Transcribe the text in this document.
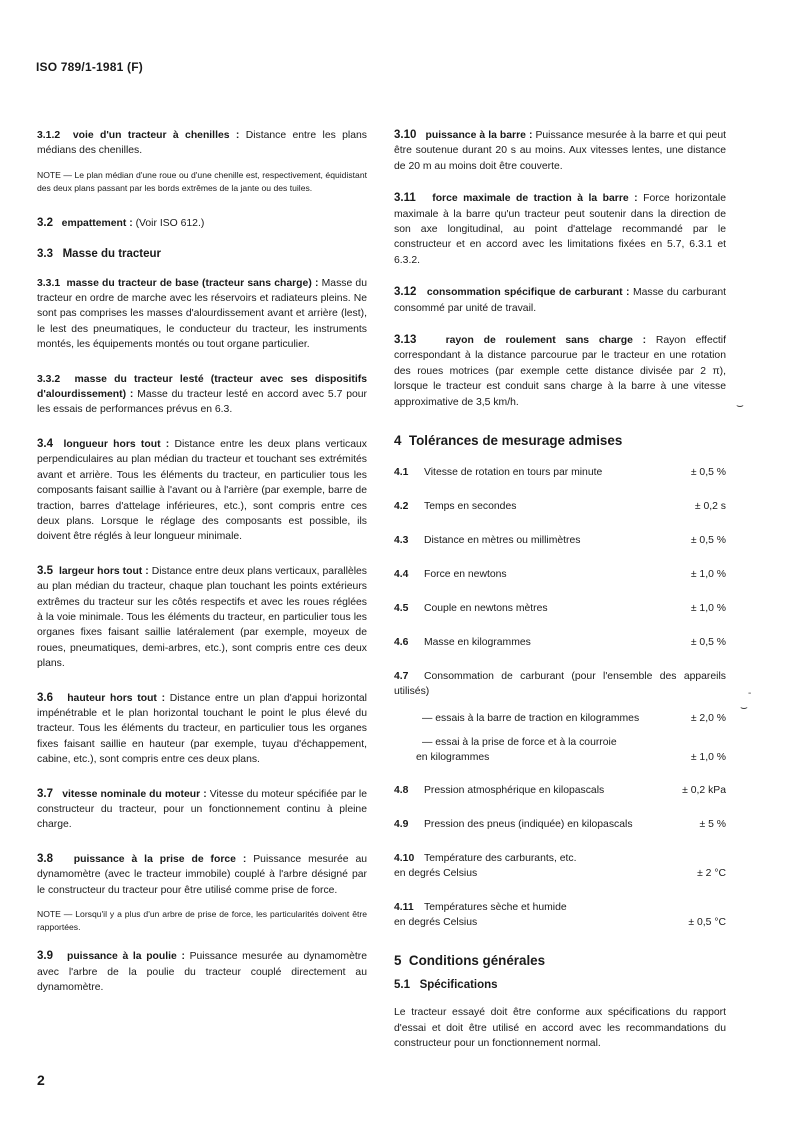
ISO 789/1-1981 (F)

3.1.2 voie d'un tracteur à chenilles : Distance entre les plans médians des chenilles.

NOTE — Le plan médian d'une roue ou d'une chenille est, respectivement, équidistant des deux plans passant par les bords extrêmes de la jante ou des tuiles.

3.2 empattement : (Voir ISO 612.)

3.3 Masse du tracteur

3.3.1 masse du tracteur de base (tracteur sans charge) : Masse du tracteur en ordre de marche avec les réservoirs et radiateurs pleins. Ne sont pas comprises les masses d'alourdissement avant et arrière (lest), le lest des pneumatiques, le conducteur du tracteur, les instruments montés, les équipements montés ou tout organe particulier.

3.3.2 masse du tracteur lesté (tracteur avec ses dispositifs d'alourdissement) : Masse du tracteur lesté en accord avec 5.7 pour les essais de performances prévus en 6.3.

3.4 longueur hors tout : Distance entre les deux plans verticaux perpendiculaires au plan médian du tracteur et touchant ses extrémités avant et arrière. Tous les éléments du tracteur, en particulier tous les composants faisant saillie à l'avant ou à l'arrière (par exemple, barre de traction, barres d'attelage inférieures, etc.), sont compris entre ces deux plans. Lorsque le réglage des composants est possible, ils doivent être réglés à leur longueur minimale.

3.5 largeur hors tout : Distance entre deux plans verticaux, parallèles au plan médian du tracteur, chaque plan touchant les points extérieurs extrêmes du tracteur sur les côtés respectifs et avec les roues réglées à la voie minimale. Tous les éléments du tracteur, en particulier tous les organes fixes faisant saillie latéralement (par exemple, moyeux de roues, pneumatiques, demi-arbres, etc.), sont compris entre ces deux plans.

3.6 hauteur hors tout : Distance entre un plan d'appui horizontal impénétrable et le plan horizontal touchant le point le plus élevé du tracteur. Tous les éléments du tracteur, en particulier tous les organes fixes faisant saillie en hauteur (par exemple, tuyau d'échappement, cabine, etc.), sont compris entre ces deux plans.

3.7 vitesse nominale du moteur : Vitesse du moteur spécifiée par le constructeur du tracteur, pour un fonctionnement continu à pleine charge.

3.8 puissance à la prise de force : Puissance mesurée au dynamomètre (avec le tracteur immobile) couplé à l'arbre désigné par le constructeur du tracteur pour être utilisé comme prise de force.

NOTE — Lorsqu'il y a plus d'un arbre de prise de force, les particularités doivent être rapportées.

3.9 puissance à la poulie : Puissance mesurée au dynamomètre avec l'arbre de la poulie du tracteur couplé directement au dynamomètre.

3.10 puissance à la barre : Puissance mesurée à la barre et qui peut être soutenue durant 20 s au moins. Aux vitesses lentes, une distance de 20 m au moins doit être couverte.

3.11 force maximale de traction à la barre : Force horizontale maximale à la barre qu'un tracteur peut soutenir dans la direction de son axe longitudinal, au point d'attelage recommandé par le constructeur et en accord avec les limitations fixées en 5.7, 6.3.1 et 6.3.2.

3.12 consommation spécifique de carburant : Masse du carburant consommé par unité de travail.

3.13	rayon de roulement sans charge : Rayon effectif correspondant à la distance parcourue par le tracteur en une rotation des roues motrices (par exemple cette distance divisée par 2 π), lorsque le tracteur est conduit sans charge à la barre à une vitesse approximative de 3,5 km/h.

4 Tolérances de mesurage admises

4.1	Vitesse de rotation en tours par minute	± 0,5 %
4.2	Temps en secondes	± 0,2 s
4.3	Distance en mètres ou millimètres	± 0,5 %
4.4	Force en newtons	± 1,0 %
4.5	Couple en newtons mètres	± 1,0 %
4.6	Masse en kilogrammes	± 0,5 %

4.7 Consommation de carburant (pour l'ensemble des appareils utilisés)

— essais à la barre de traction en kilogrammes	± 2,0 %
— essai à la prise de force et à la courroie
en kilogrammes	± 1,0 %
4.8	Pression atmosphérique en kilopascals	± 0,2 kPa
4.9	Pression des pneus (indiquée) en kilopascals	± 5 %
4.10 Température des carburants, etc.
en degrés Celsius	± 2 °C
4.11 Températures sèche et humide
en degrés Celsius	± 0,5 °C

5 Conditions générales

5.1 Spécifications

Le tracteur essayé doit être conforme aux spécifications du rapport d'essai et doit être utilisé en accord avec les recommandations du constructeur pour un fonctionnement normal.

⌣
-
⌣
2
